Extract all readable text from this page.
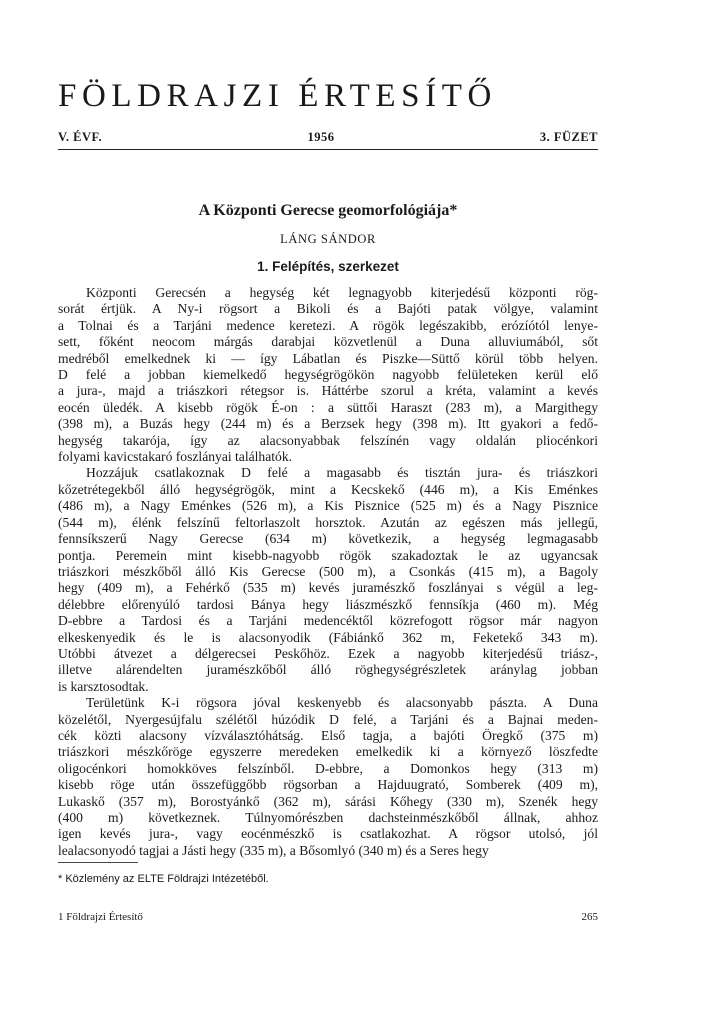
FÖLDRAJZI ÉRTESÍTŐ
V. ÉVF.	1956	3. FÜZET
A Központi Gerecse geomorfológiája*
LÁNG SÁNDOR
1. Felépítés, szerkezet

Központi Gerecsén a hegység két legnagyobb kiterjedésű központi rög-
sorát értjük. A Ny-i rögsort a Bikoli és a Bajóti patak völgye, valamint
a Tolnai és a Tarjáni medence keretezi. A rögök legészakibb, erózíótól lenye-
sett, főként neocom márgás darabjai közvetlenül a Duna alluviumából, sőt
medréből emelkednek ki — így Lábatlan és Piszke—Süttő körül több helyen.
D felé a jobban kiemelkedő hegységrögökön nagyobb felületeken kerül elő
a jura-, majd a triászkori rétegsor is. Háttérbe szorul a kréta, valamint a kevés
eocén üledék. A kisebb rögök É-on : a süttői Haraszt (283 m), a Margithegy
(398 m), a Buzás hegy (244 m) és a Berzsek hegy (398 m). Itt gyakori a fedő-
hegység takarója, így az alacsonyabbak felszínén vagy oldalán pliocénkori
folyami kavicstakaró foszlányai találhatók.

Hozzájuk csatlakoznak D felé a magasabb és tisztán jura- és triászkori
kőzetrétegekből álló hegységrögök, mint a Kecskekő (446 m), a Kis Eménkes
(486 m), a Nagy Eménkes (526 m), a Kis Pisznice (525 m) és a Nagy Pisznice
(544 m), élénk felszínű feltorlaszolt horsztok. Azután az egészen más jellegű,
fennsíkszerű Nagy Gerecse (634 m) következik, a hegység legmagasabb
pontja. Peremein mint kisebb-nagyobb rögök szakadoztak le az ugyancsak
triászkori mészkőből álló Kis Gerecse (500 m), a Csonkás (415 m), a Bagoly
hegy (409 m), a Fehérkő (535 m) kevés juramészkő foszlányai s végül a leg-
délebbre előrenyúló tardosi Bánya hegy liászmészkő fennsíkja (460 m). Még
D-ebbre a Tardosi és a Tarjáni medencéktől közrefogott rögsor már nagyon
elkeskenyedik és le is alacsonyodik (Fábiánkő 362 m, Feketekő 343 m).
Utóbbi átvezet a délgerecsei Peskőhöz. Ezek a nagyobb kiterjedésű triász-,
illetve alárendelten juramészkőből álló röghegységrészletek aránylag jobban
is karsztosodtak.

Területünk K-i rögsora jóval keskenyebb és alacsonyabb pászta. A Duna
közelétől, Nyergesújfalu szélétől húzódik D felé, a Tarjáni és a Bajnai meden-
cék közti alacsony vízválasztóhátság. Első tagja, a bajóti Öregkő (375 m)
triászkori mészkőröge egyszerre meredeken emelkedik ki a környező löszfedte
oligocénkori homokköves felszínből. D-ebbre, a Domonkos hegy (313 m)
kisebb röge után összefüggőbb rögsorban a Hajduugrató, Somberek (409 m),
Lukaskő (357 m), Borostyánkő (362 m), sárási Kőhegy (330 m), Szenék hegy
(400 m) következnek. Túlnyomórészben dachsteinmészkőből állnak, ahhoz
igen kevés jura-, vagy eocénmészkő is csatlakozhat. A rögsor utolsó, jól
lealacsonyodó tagjai a Jásti hegy (335 m), a Bősomlyó (340 m) és a Seres hegy

* Közlemény az ELTE Földrajzi Intézetéből.
1 Földrajzi Értesítő	265
